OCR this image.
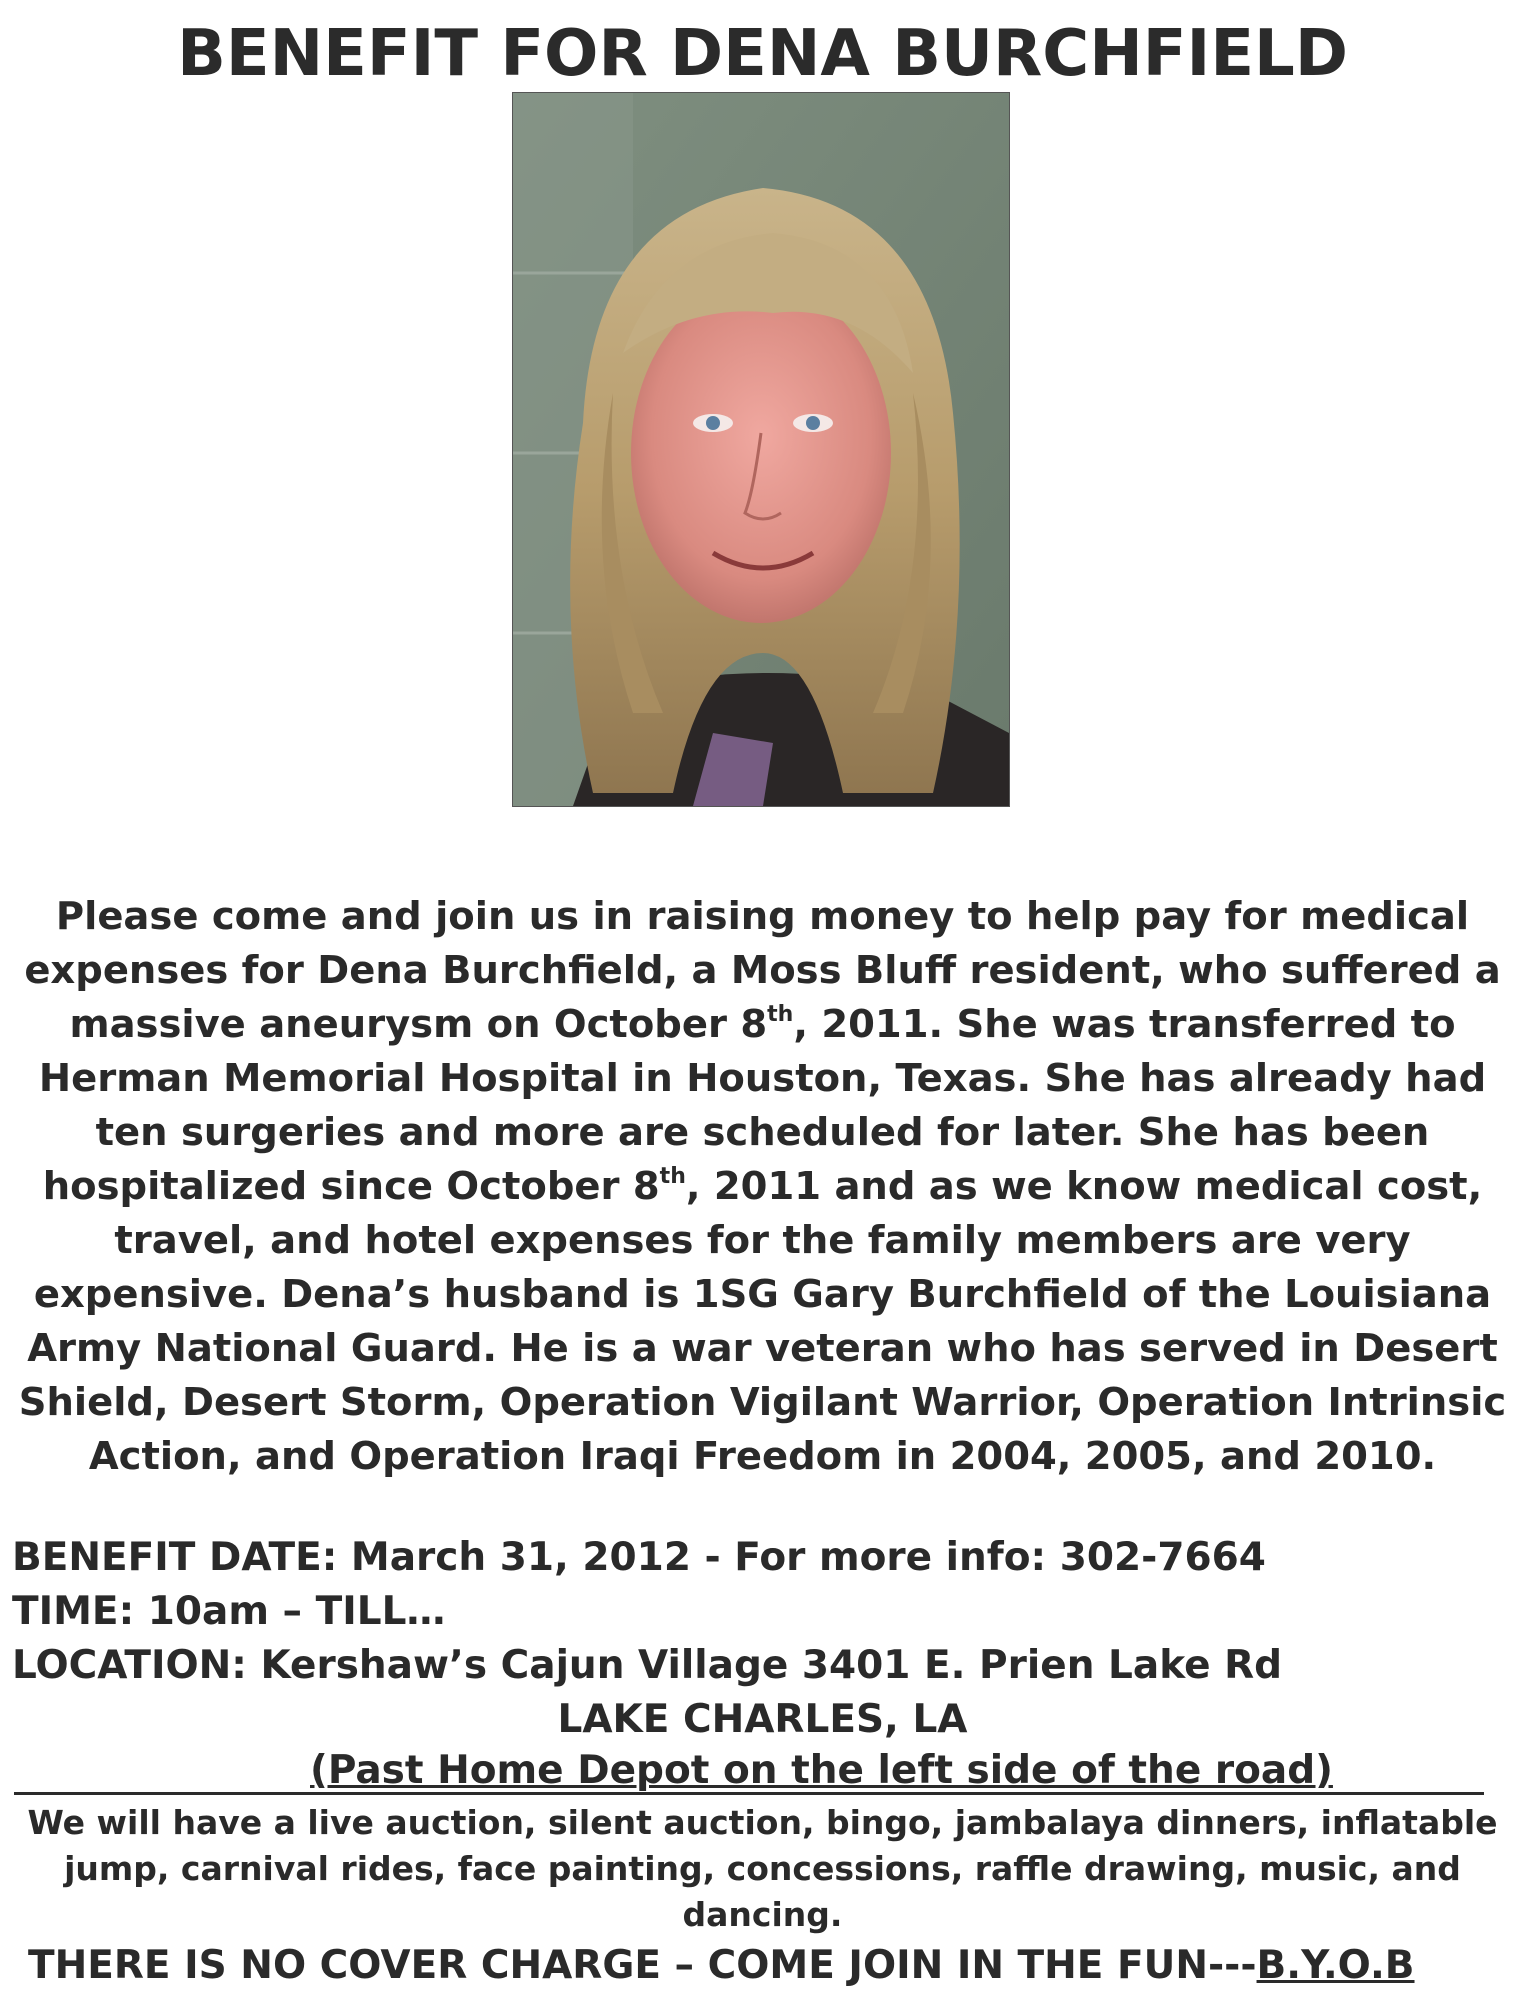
BENEFIT FOR DENA BURCHFIELD
Please come and join us in raising money to help pay for medical expenses for Dena Burchfield, a Moss Bluff resident, who suffered a massive aneurysm on October 8th, 2011. She was transferred to Herman Memorial Hospital in Houston, Texas. She has already had ten surgeries and more are scheduled for later. She has been hospitalized since October 8th, 2011 and as we know medical cost, travel, and hotel expenses for the family members are very expensive. Dena’s husband is 1SG Gary Burchfield of the Louisiana Army National Guard. He is a war veteran who has served in Desert Shield, Desert Storm, Operation Vigilant Warrior, Operation Intrinsic Action, and Operation Iraqi Freedom in 2004, 2005, and 2010.
BENEFIT DATE: March 31, 2012 - For more info: 302-7664
TIME: 10am – TILL…
LOCATION: Kershaw’s Cajun Village 3401 E. Prien Lake Rd
LAKE CHARLES, LA
(Past Home Depot on the left side of the road)
We will have a live auction, silent auction, bingo, jambalaya dinners, inflatable jump, carnival rides, face painting, concessions, raffle drawing, music, and dancing.
THERE IS NO COVER CHARGE – COME JOIN IN THE FUN---B.Y.O.B
